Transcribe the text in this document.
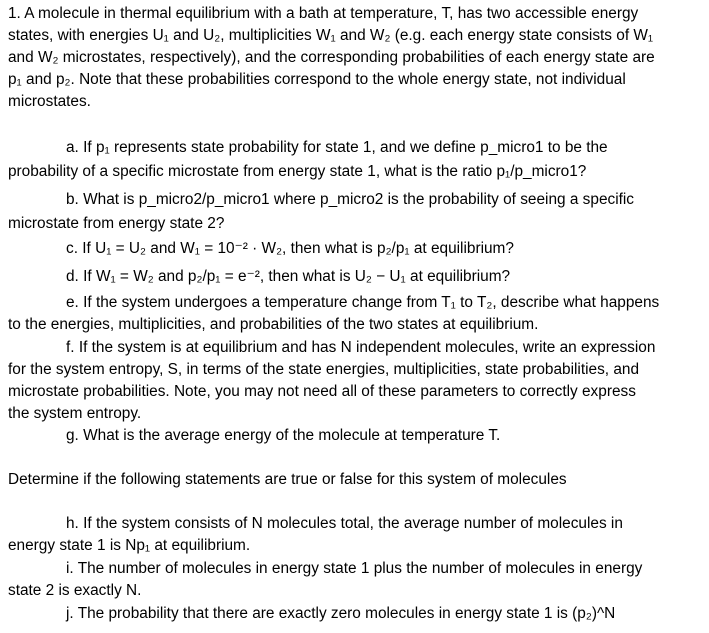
1. A molecule in thermal equilibrium with a bath at temperature, T, has two accessible energy

states, with energies U₁ and U₂, multiplicities W₁ and W₂ (e.g. each energy state consists of W₁

and W₂ microstates, respectively), and the corresponding probabilities of each energy state are

p₁ and p₂. Note that these probabilities correspond to the whole energy state, not individual

microstates.

a. If p₁ represents state probability for state 1, and we define p_micro1 to be the

probability of a specific microstate from energy state 1, what is the ratio p₁/p_micro1?

b. What is p_micro2/p_micro1 where p_micro2 is the probability of seeing a specific

microstate from energy state 2?

c. If U₁ = U₂ and W₁ = 10⁻² · W₂, then what is p₂/p₁ at equilibrium?

d. If W₁ = W₂ and p₂/p₁ = e⁻², then what is U₂ − U₁ at equilibrium?

e. If the system undergoes a temperature change from T₁ to T₂, describe what happens

to the energies, multiplicities, and probabilities of the two states at equilibrium.

f. If the system is at equilibrium and has N independent molecules, write an expression

for the system entropy, S, in terms of the state energies, multiplicities, state probabilities, and

microstate probabilities. Note, you may not need all of these parameters to correctly express

the system entropy.

g. What is the average energy of the molecule at temperature T.

Determine if the following statements are true or false for this system of molecules

h. If the system consists of N molecules total, the average number of molecules in

energy state 1 is Np₁ at equilibrium.

i. The number of molecules in energy state 1 plus the number of molecules in energy

state 2 is exactly N.

j. The probability that there are exactly zero molecules in energy state 1 is (p₂)^N
